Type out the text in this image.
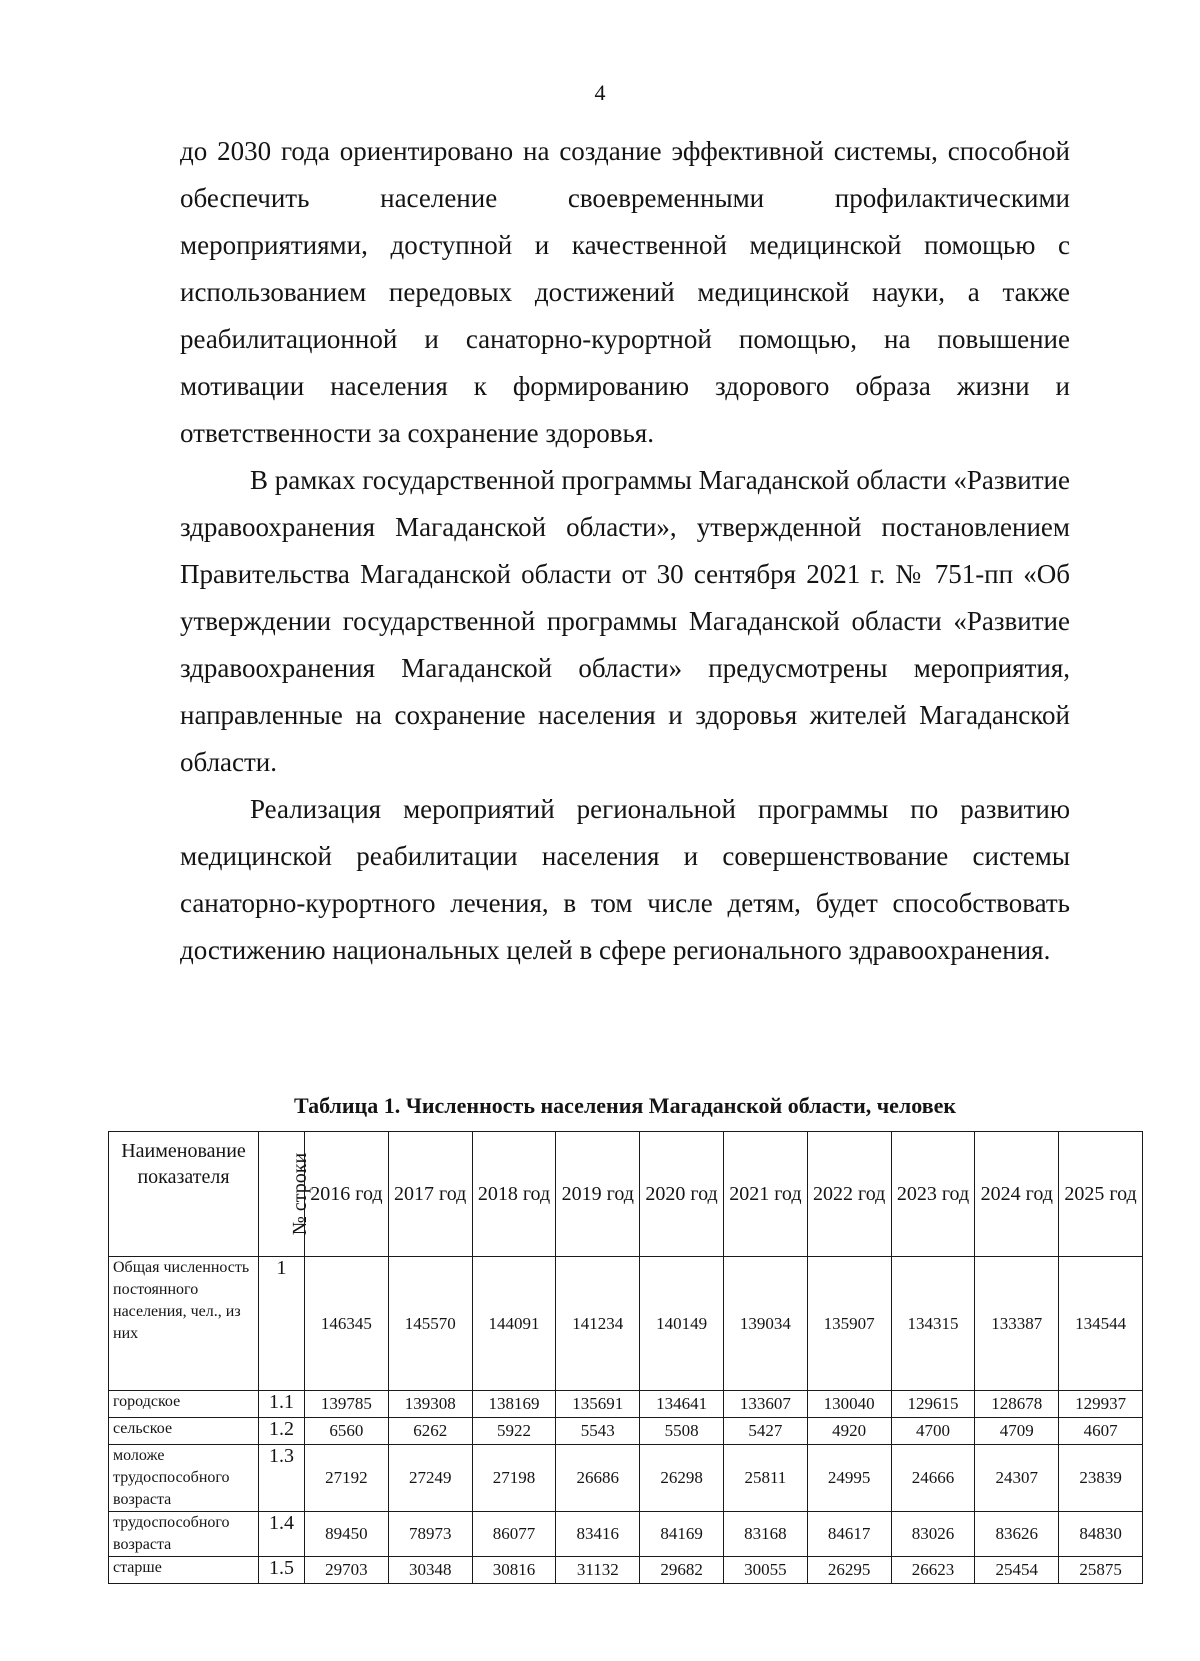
4

до 2030 года ориентировано на создание эффективной системы, способной обеспечить население своевременными профилактическими мероприятиями, доступной и качественной медицинской помощью с использованием передовых достижений медицинской науки, а также реабилитационной и санаторно-курортной помощью, на повышение мотивации населения к формированию здорового образа жизни и ответственности за сохранение здоровья.

В рамках государственной программы Магаданской области «Развитие здравоохранения Магаданской области», утвержденной постановлением Правительства Магаданской области от 30 сентября 2021 г. № 751-пп «Об утверждении государственной программы Магаданской области «Развитие здравоохранения Магаданской области» предусмотрены мероприятия, направленные на сохранение населения и здоровья жителей Магаданской области.

Реализация мероприятий региональной программы по развитию медицинской реабилитации населения и совершенствование системы санаторно-курортного лечения, в том числе детям, будет способствовать достижению национальных целей в сфере регионального здравоохранения.

Таблица 1. Численность населения Магаданской области, человек
Наименование показателя	№ строки	2016 год	2017 год	2018 год	2019 год	2020 год	2021 год	2022 год	2023 год	2024 год	2025 год
Общая численность постоянного населения, чел., из них	1	146345	145570	144091	141234	140149	139034	135907	134315	133387	134544
городское	1.1	139785	139308	138169	135691	134641	133607	130040	129615	128678	129937
сельское	1.2	6560	6262	5922	5543	5508	5427	4920	4700	4709	4607
моложе трудоспособного возраста	1.3	27192	27249	27198	26686	26298	25811	24995	24666	24307	23839
трудоспособного возраста	1.4	89450	78973	86077	83416	84169	83168	84617	83026	83626	84830
старше	1.5	29703	30348	30816	31132	29682	30055	26295	26623	25454	25875
